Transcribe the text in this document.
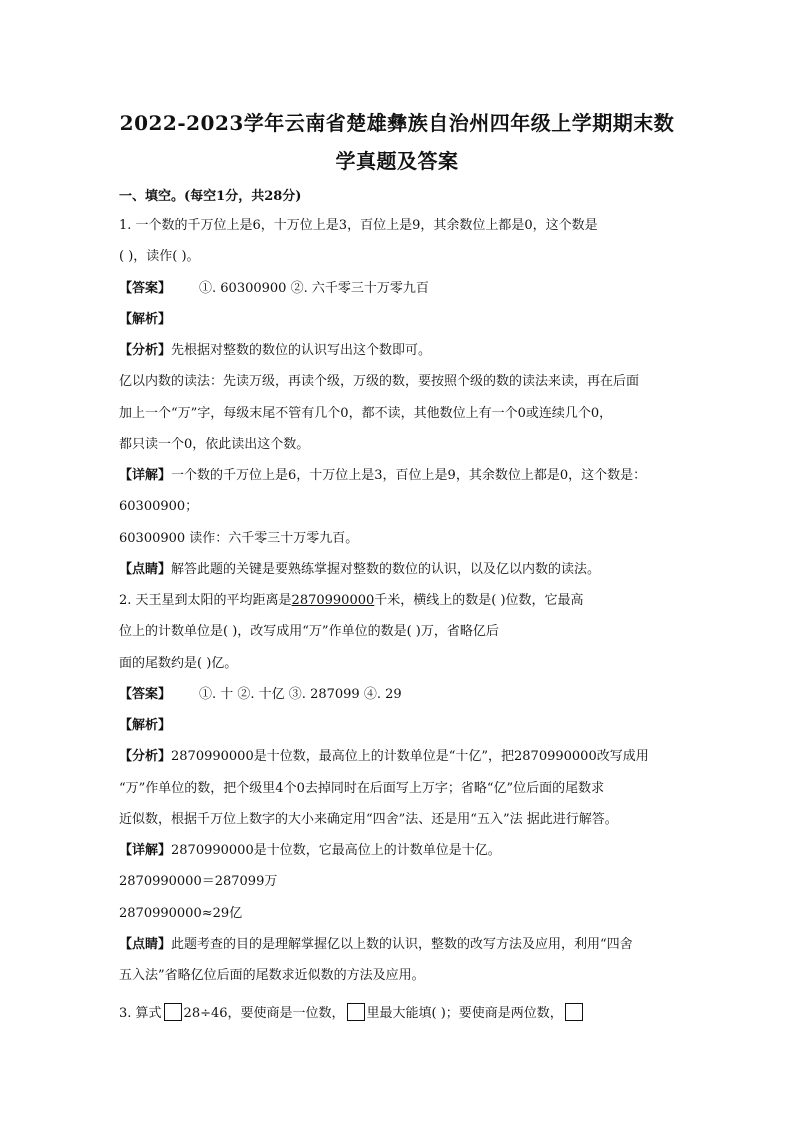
2022-2023学年云南省楚雄彝族自治州四年级上学期期末数
学真题及答案
一、填空。(每空1分，共28分)
1. 一个数的千万位上是6，十万位上是3，百位上是9，其余数位上都是0，这个数是
( )，读作( )。
【答案】 ①. 60300900 ②. 六千零三十万零九百
【解析】
【分析】先根据对整数的数位的认识写出这个数即可。
亿以内数的读法：先读万级，再读个级，万级的数，要按照个级的数的读法来读，再在后面
加上一个“万”字，每级末尾不管有几个0，都不读，其他数位上有一个0或连续几个0，
都只读一个0，依此读出这个数。
【详解】一个数的千万位上是6，十万位上是3，百位上是9，其余数位上都是0，这个数是：
60300900；
60300900 读作：六千零三十万零九百。
【点睛】解答此题的关键是要熟练掌握对整数的数位的认识，以及亿以内数的读法。
2. 天王星到太阳的平均距离是2870990000千米，横线上的数是( )位数，它最高
位上的计数单位是( )，改写成用“万”作单位的数是( )万，省略亿后
面的尾数约是( )亿。
【答案】 ①. 十 ②. 十亿 ③. 287099 ④. 29
【解析】
【分析】2870990000是十位数，最高位上的计数单位是“十亿”，把2870990000改写成用
“万”作单位的数，把个级里4个0去掉同时在后面写上万字；省略“亿”位后面的尾数求
近似数，根据千万位上数字的大小来确定用“四舍”法、还是用“五入”法 据此进行解答。
【详解】2870990000是十位数，它最高位上的计数单位是十亿。
2870990000＝287099万
2870990000≈29亿
【点睛】此题考查的目的是理解掌握亿以上数的认识，整数的改写方法及应用，利用“四舍
五入法”省略亿位后面的尾数求近似数的方法及应用。
3. 算式 28÷46，要使商是一位数， 里最大能填( )；要使商是两位数，
